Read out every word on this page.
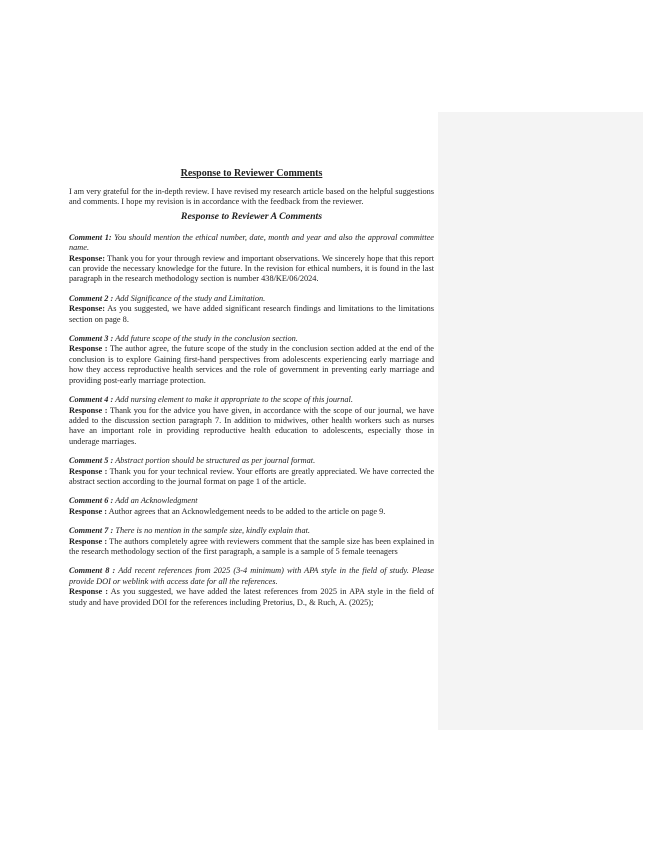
Response to Reviewer Comments
I am very grateful for the in-depth review. I have revised my research article based on the helpful suggestions and comments. I hope my revision is in accordance with the feedback from the reviewer.
Response to Reviewer A Comments
Comment 1: You should mention the ethical number, date, month and year and also the approval committee name.
Response: Thank you for your through review and important observations. We sincerely hope that this report can provide the necessary knowledge for the future. In the revision for ethical numbers, it is found in the last paragraph in the research methodology section is number 438/KE/06/2024.
Comment 2 : Add Significance of the study and Limitation.
Response: As you suggested, we have added significant research findings and limitations to the limitations section on page 8.
Comment 3 : Add future scope of the study in the conclusion section.
Response : The author agree, the future scope of the study in the conclusion section added at the end of the conclusion is to explore Gaining first-hand perspectives from adolescents experiencing early marriage and how they access reproductive health services and the role of government in preventing early marriage and providing post-early marriage protection.
Comment 4 : Add nursing element to make it appropriate to the scope of this journal.
Response : Thank you for the advice you have given, in accordance with the scope of our journal, we have added to the discussion section paragraph 7. In addition to midwives, other health workers such as nurses have an important role in providing reproductive health education to adolescents, especially those in underage marriages.
Comment 5 : Abstract portion should be structured as per journal format.
Response : Thank you for your technical review. Your efforts are greatly appreciated. We have corrected the abstract section according to the journal format on page 1 of the article.
Comment 6 : Add an Acknowledgment
Response : Author agrees that an Acknowledgement needs to be added to the article on page 9.
Comment 7 : There is no mention in the sample size, kindly explain that.
Response : The authors completely agree with reviewers comment that the sample size has been explained in the research methodology section of the first paragraph, a sample is a sample of 5 female teenagers
Comment 8 : Add recent references from 2025 (3-4 minimum) with APA style in the field of study. Please provide DOI or weblink with access date for all the references.
Response : As you suggested, we have added the latest references from 2025 in APA style in the field of study and have provided DOI for the references including Pretorius, D., & Ruch, A. (2025);
